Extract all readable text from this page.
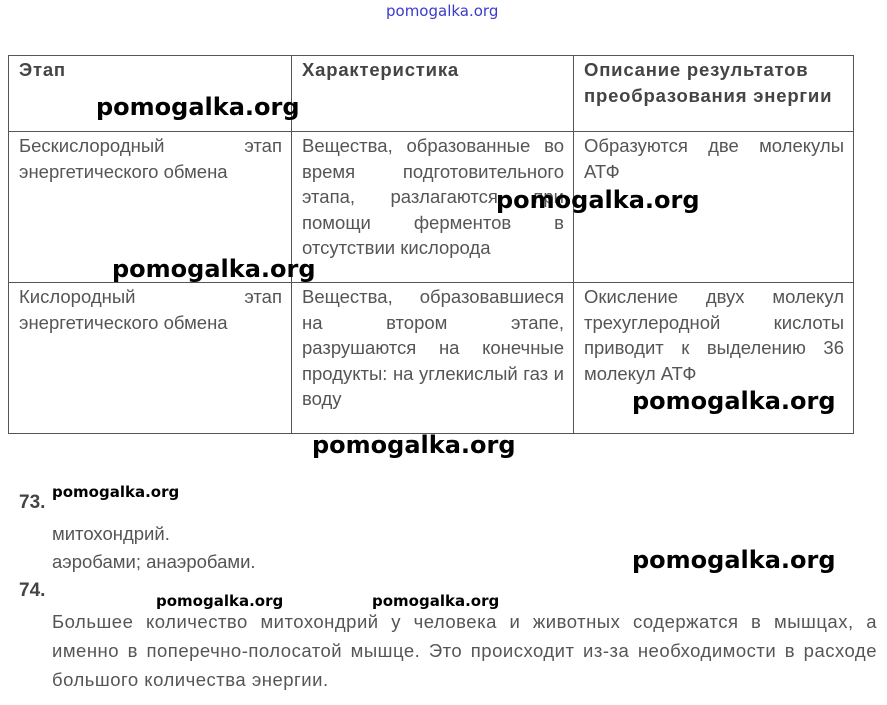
pomogalka.org
Этап	Характеристика	Описание результатов преобразования энергии
Бескислородный этап энергетического обмена	Вещества, образованные во время подготовительного этапа, разлагаются при помощи ферментов в отсутствии кислорода	Образуются две молекулы АТФ
Кислородный этап энергетического обмена	Вещества, образовавшиеся на втором этапе, разрушаются на конечные продукты: на углекислый газ и воду	Окисление двух молекул трехуглеродной кислоты приводит к выделению 36 молекул АТФ
73.
митохондрий.
аэробами; анаэробами.
74.
Большее количество митохондрий у человека и животных содержатся в мышцах, а именно в поперечно-полосатой мышце. Это происходит из-за необходимости в расходе большого количества энергии.
pomogalka.org
pomogalka.org
pomogalka.org
pomogalka.org
pomogalka.org
pomogalka.org
pomogalka.org
pomogalka.org	pomogalka.org
